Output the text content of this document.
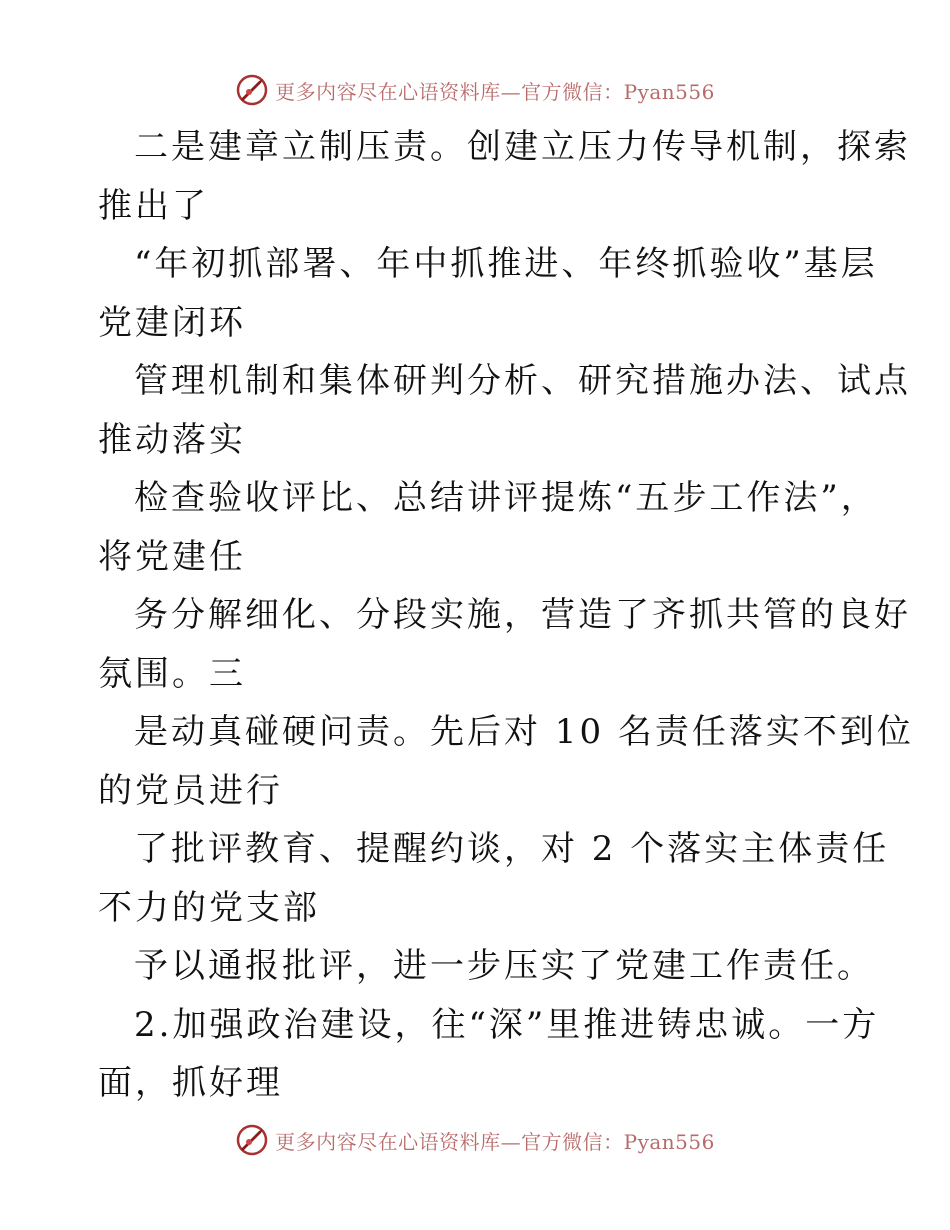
更多内容尽在心语资料库—官方微信：Pyan556
二是建章立制压责。创建立压力传导机制，探索
推出了
“年初抓部署、年中抓推进、年终抓验收”基层
党建闭环
管理机制和集体研判分析、研究措施办法、试点
推动落实
检查验收评比、总结讲评提炼“五步工作法”，
将党建任
务分解细化、分段实施，营造了齐抓共管的良好
氛围。三
是动真碰硬问责。先后对 10 名责任落实不到位
的党员进行
了批评教育、提醒约谈，对 2 个落实主体责任
不力的党支部
予以通报批评，进一步压实了党建工作责任。
2.加强政治建设，往“深”里推进铸忠诚。一方
面，抓好理
更多内容尽在心语资料库—官方微信：Pyan556
